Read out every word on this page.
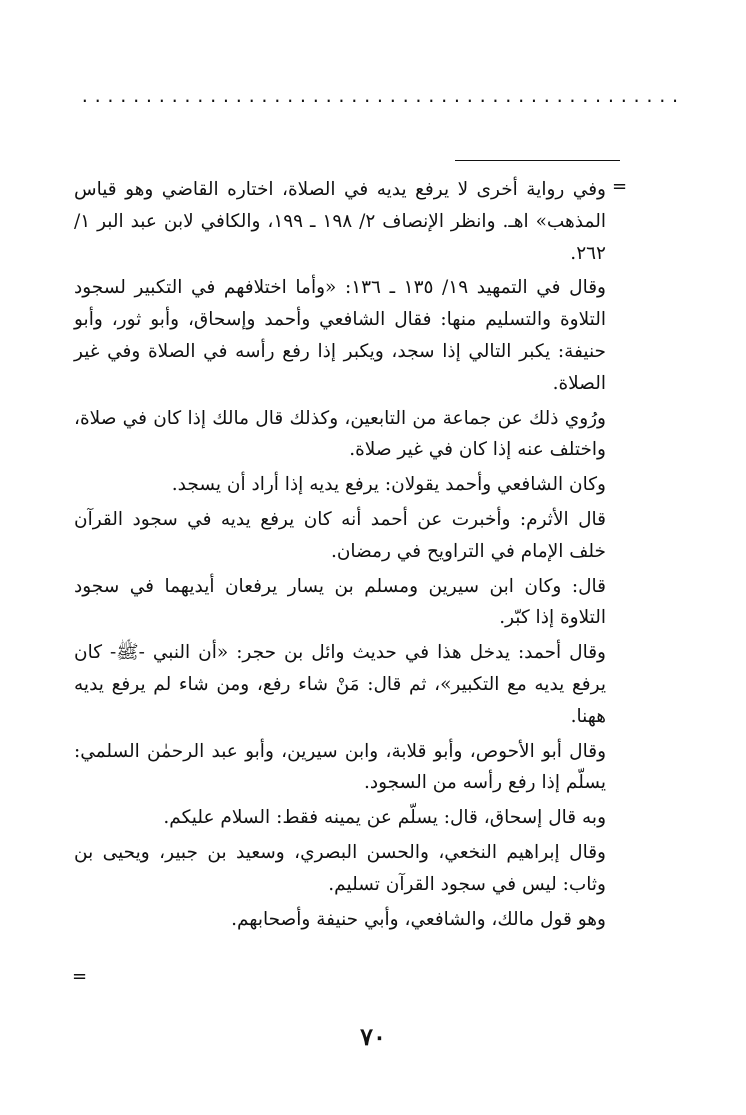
...............................................
=

وفي رواية أخرى لا يرفع يديه في الصلاة، اختاره القاضي وهو قياس المذهب» اهـ. وانظر الإنصاف ٢/ ١٩٨ ـ ١٩٩، والكافي لابن عبد البر ١/ ٢٦٢.

وقال في التمهيد ١٩/ ١٣٥ ـ ١٣٦: «وأما اختلافهم في التكبير لسجود التلاوة والتسليم منها: فقال الشافعي وأحمد وإسحاق، وأبو ثور، وأبو حنيفة: يكبر التالي إذا سجد، ويكبر إذا رفع رأسه في الصلاة وفي غير الصلاة.

ورُوي ذلك عن جماعة من التابعين، وكذلك قال مالك إذا كان في صلاة، واختلف عنه إذا كان في غير صلاة.

وكان الشافعي وأحمد يقولان: يرفع يديه إذا أراد أن يسجد.

قال الأثرم: وأخبرت عن أحمد أنه كان يرفع يديه في سجود القرآن خلف الإمام في التراويح في رمضان.

قال: وكان ابن سيرين ومسلم بن يسار يرفعان أيديهما في سجود التلاوة إذا كبّر.

وقال أحمد: يدخل هذا في حديث وائل بن حجر: «أن النبي -ﷺ- كان يرفع يديه مع التكبير»، ثم قال: مَنْ شاء رفع، ومن شاء لم يرفع يديه ههنا.

وقال أبو الأحوص، وأبو قلابة، وابن سيرين، وأبو عبد الرحمٰن السلمي: يسلّم إذا رفع رأسه من السجود.

وبه قال إسحاق، قال: يسلّم عن يمينه فقط: السلام عليكم.

وقال إبراهيم النخعي، والحسن البصري، وسعيد بن جبير، ويحيى بن وثاب: ليس في سجود القرآن تسليم.

وهو قول مالك، والشافعي، وأبي حنيفة وأصحابهم.

=
٧٠
